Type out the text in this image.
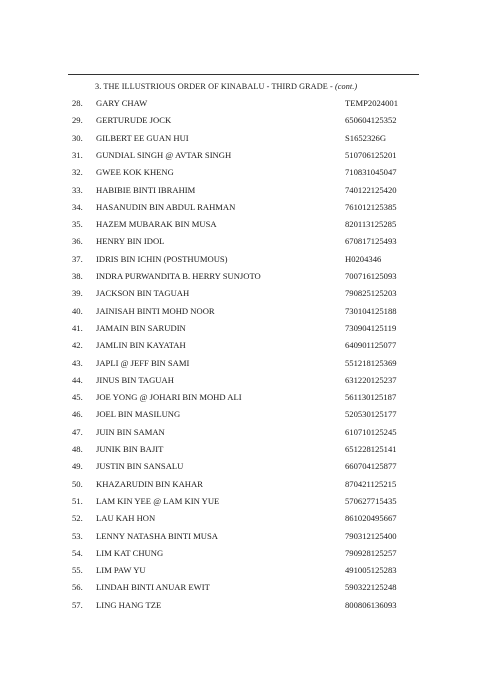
3. THE ILLUSTRIOUS ORDER OF KINABALU - THIRD GRADE - (cont.)
28. GARY CHAW	TEMP2024001
29. GERTURUDE JOCK	650604125352
30. GILBERT EE GUAN HUI	S1652326G
31. GUNDIAL SINGH @ AVTAR SINGH	510706125201
32. GWEE KOK KHENG	710831045047
33. HABIBIE BINTI IBRAHIM	740122125420
34. HASANUDIN BIN ABDUL RAHMAN	761012125385
35. HAZEM MUBARAK BIN MUSA	820113125285
36. HENRY BIN IDOL	670817125493
37. IDRIS BIN ICHIN (POSTHUMOUS)	H0204346
38. INDRA PURWANDITA B. HERRY SUNJOTO	700716125093
39. JACKSON BIN TAGUAH	790825125203
40. JAINISAH BINTI MOHD NOOR	730104125188
41. JAMAIN BIN SARUDIN	730904125119
42. JAMLIN BIN KAYATAH	640901125077
43. JAPLI @ JEFF BIN SAMI	551218125369
44. JINUS BIN TAGUAH	631220125237
45. JOE YONG @ JOHARI BIN MOHD ALI	561130125187
46. JOEL BIN MASILUNG	520530125177
47. JUIN BIN SAMAN	610710125245
48. JUNIK BIN BAJIT	651228125141
49. JUSTIN BIN SANSALU	660704125877
50. KHAZARUDIN BIN KAHAR	870421125215
51. LAM KIN YEE @ LAM KIN YUE	570627715435
52. LAU KAH HON	861020495667
53. LENNY NATASHA BINTI MUSA	790312125400
54. LIM KAT CHUNG	790928125257
55. LIM PAW YU	491005125283
56. LINDAH BINTI ANUAR EWIT	590322125248
57. LING HANG TZE	800806136093
